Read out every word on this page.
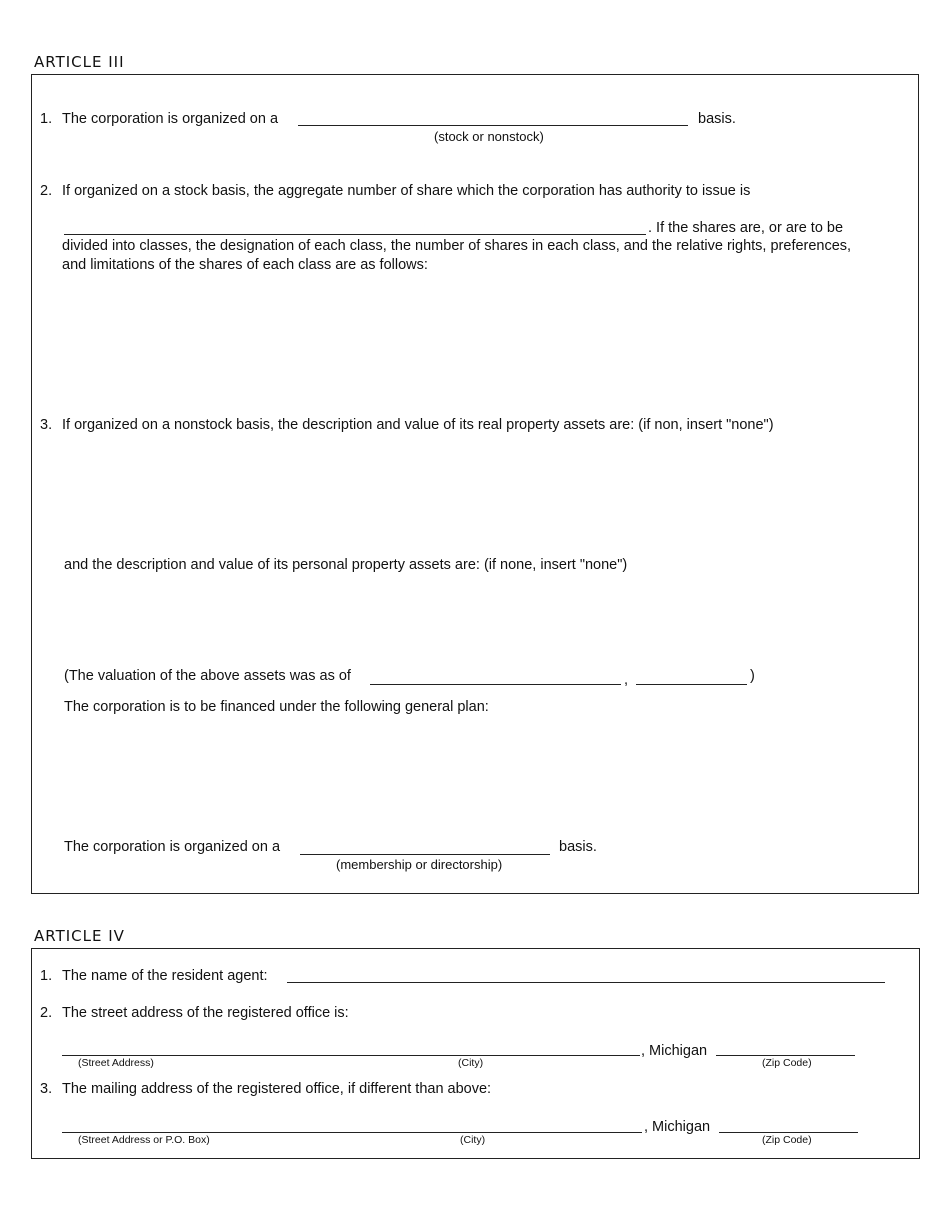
ARTICLE III
1. The corporation is organized on a	basis.
(stock or nonstock)
2. If organized on a stock basis, the aggregate number of share which the corporation has authority to issue is
. If the shares are, or are to be
divided into classes, the designation of each class, the number of shares in each class, and the relative rights, preferences,
and limitations of the shares of each class are as follows:
3. If organized on a nonstock basis, the description and value of its real property assets are: (if non, insert "none")
and the description and value of its personal property assets are: (if none, insert "none")
(The valuation of the above assets was as of	,	)
The corporation is to be financed under the following general plan:
The corporation is organized on a	basis.
(membership or directorship)
ARTICLE IV
1. The name of the resident agent:
2. The street address of the registered office is:
, Michigan
(Street Address)	(City)	(Zip Code)
3. The mailing address of the registered office, if different than above:
, Michigan
(Street Address or P.O. Box)	(City)	(Zip Code)
